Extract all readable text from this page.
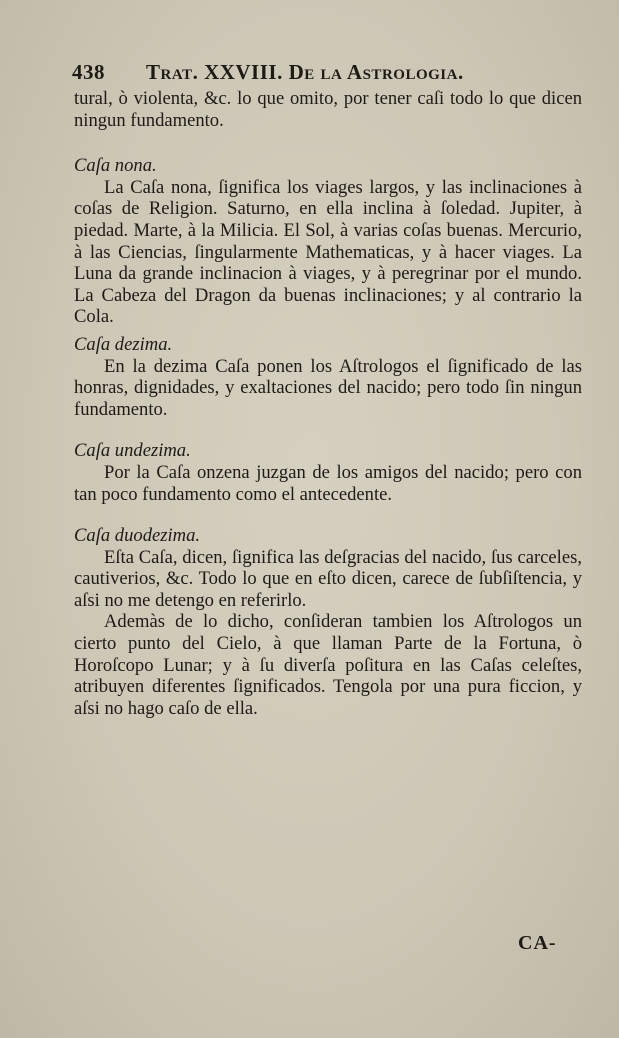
438 Trat. XXVIII. De la Astrologia.

tural, ò violenta, &c. lo que omito, por tener caſi todo lo que dicen ningun fundamento.

Caſa nona.

La Caſa nona, ſignifica los viages largos, y las inclinaciones à coſas de Religion. Saturno, en ella inclina à ſoledad. Jupiter, à piedad. Marte, à la Milicia. El Sol, à varias coſas buenas. Mercurio, à las Ciencias, ſingularmente Mathematicas, y à hacer viages. La Luna da grande inclinacion à viages, y à peregrinar por el mundo. La Cabeza del Dragon da buenas inclinaciones; y al contrario la Cola.

Caſa dezima.

En la dezima Caſa ponen los Aſtrologos el ſignificado de las honras, dignidades, y exaltaciones del nacido; pero todo ſin ningun fundamento.

Caſa undezima.

Por la Caſa onzena juzgan de los amigos del nacido; pero con tan poco fundamento como el antecedente.

Caſa duodezima.

Eſta Caſa, dicen, ſignifica las deſgracias del nacido, ſus carceles, cautiverios, &c. Todo lo que en eſto dicen, carece de ſubſiſtencia, y aſsi no me detengo en referirlo.

Ademàs de lo dicho, conſideran tambien los Aſtrologos un cierto punto del Cielo, à que llaman Parte de la Fortuna, ò Horoſcopo Lunar; y à ſu diverſa poſitura en las Caſas celeſtes, atribuyen diferentes ſignificados. Tengola por una pura ficcion, y aſsi no hago caſo de ella.

CA-
